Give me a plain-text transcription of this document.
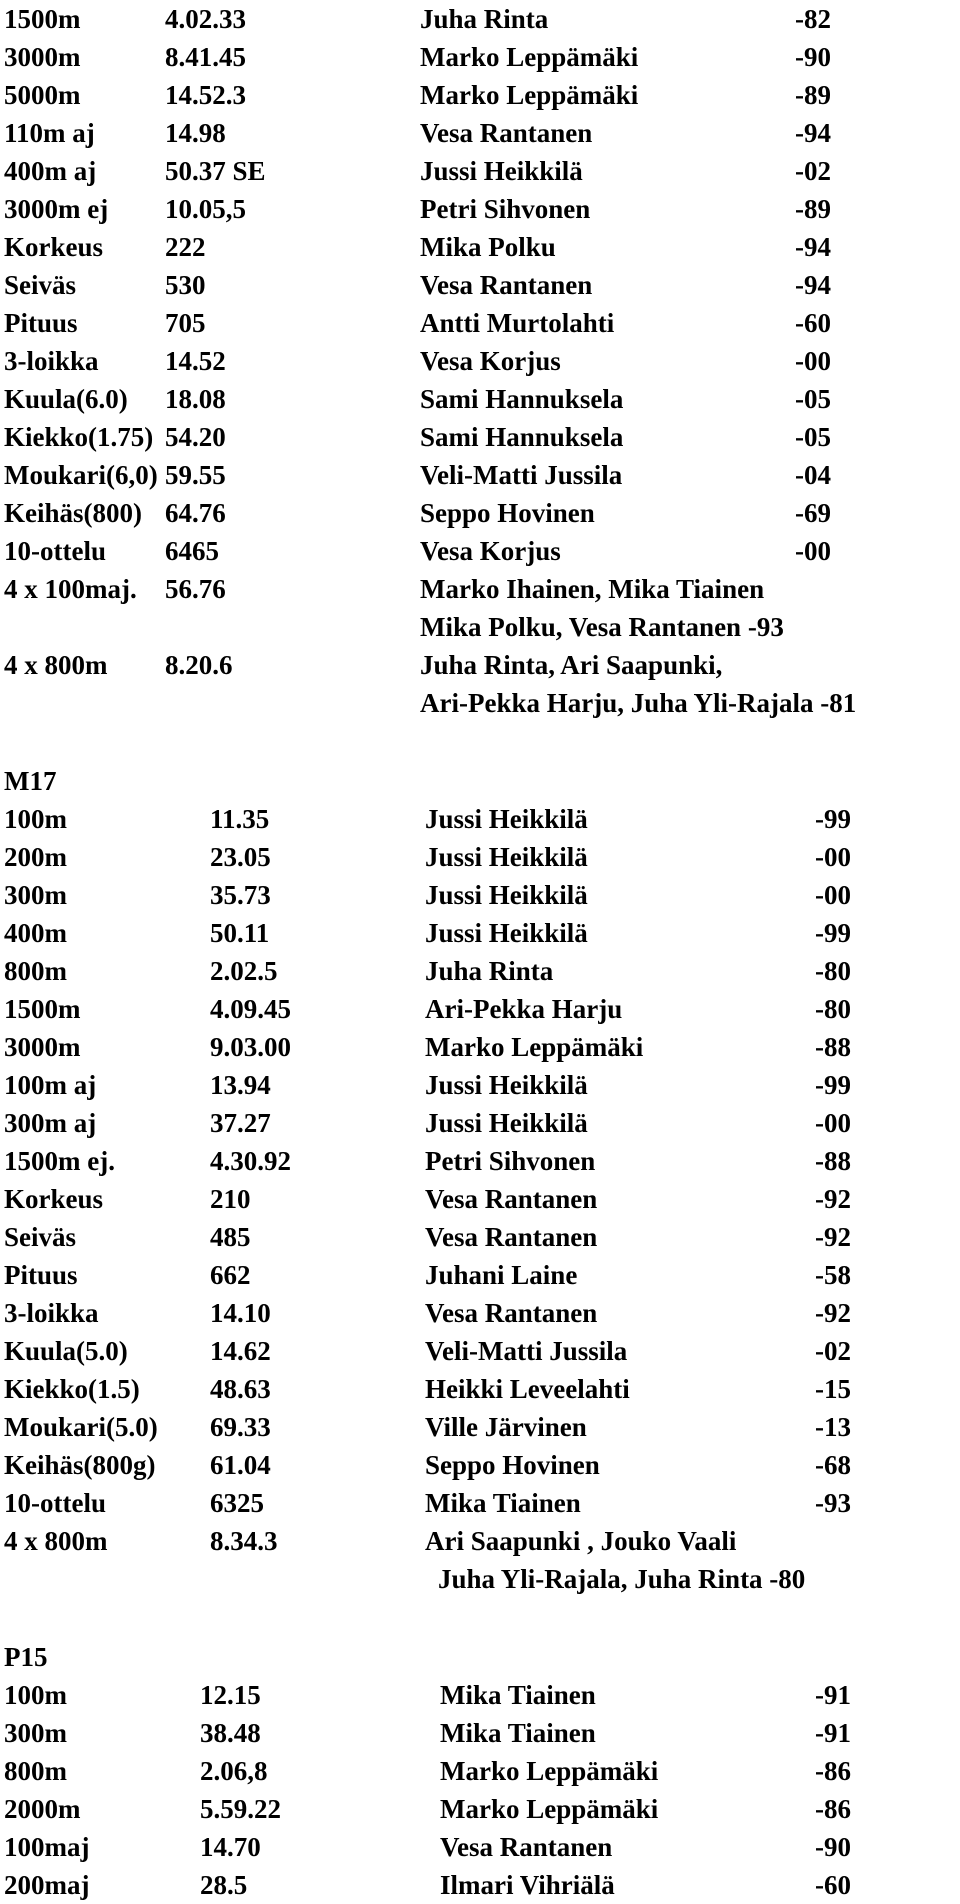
1500m	4.02.33	Juha Rinta	-82
3000m	8.41.45	Marko Leppämäki	-90
5000m	14.52.3	Marko Leppämäki	-89
110m aj	14.98	Vesa Rantanen	-94
400m aj	50.37 SE	Jussi Heikkilä	-02
3000m ej 10.05,5	Petri Sihvonen	-89
Korkeus 222	Mika Polku	-94
Seiväs	530	Vesa Rantanen	-94
Pituus	705	Antti Murtolahti	-60
3-loikka 14.52	Vesa Korjus	-00
Kuula(6.0) 18.08	Sami Hannuksela	-05
Kiekko(1.75) 54.20	Sami Hannuksela	-05
Moukari(6,0) 59.55	Veli-Matti Jussila	-04
Keihäs(800) 64.76	Seppo Hovinen	-69
10-ottelu 6465	Vesa Korjus	-00
4 x 100maj. 56.76	Marko Ihainen, Mika Tiainen
Mika Polku, Vesa Rantanen -93
4 x 800m 8.20.6	Juha Rinta, Ari Saapunki,
Ari-Pekka Harju, Juha Yli-Rajala -81
M17
100m	11.35	Jussi Heikkilä	-99
200m	23.05	Jussi Heikkilä	-00
300m	35.73	Jussi Heikkilä	-00
400m	50.11	Jussi Heikkilä	-99
800m	2.02.5	Juha Rinta	-80
1500m	4.09.45	Ari-Pekka Harju	-80
3000m	9.03.00	Marko Leppämäki	-88
100m aj	13.94	Jussi Heikkilä	-99
300m aj	37.27	Jussi Heikkilä	-00
1500m ej.	4.30.92	Petri Sihvonen	-88
Korkeus	210	Vesa Rantanen	-92
Seiväs	485	Vesa Rantanen	-92
Pituus	662	Juhani Laine	-58
3-loikka	14.10	Vesa Rantanen	-92
Kuula(5.0)	14.62	Veli-Matti Jussila	-02
Kiekko(1.5)	48.63	Heikki Leveelahti	-15
Moukari(5.0) 69.33	Ville Järvinen	-13
Keihäs(800g) 61.04	Seppo Hovinen	-68
10-ottelu	6325	Mika Tiainen	-93
4 x 800m	8.34.3	Ari Saapunki , Jouko Vaali
Juha Yli-Rajala, Juha Rinta -80
P15
100m	12.15	Mika Tiainen	-91
300m	38.48	Mika Tiainen	-91
800m	2.06,8	Marko Leppämäki	-86
2000m	5.59.22	Marko Leppämäki	-86
100maj	14.70	Vesa Rantanen	-90
200maj	28.5	Ilmari Vihriälä	-60
